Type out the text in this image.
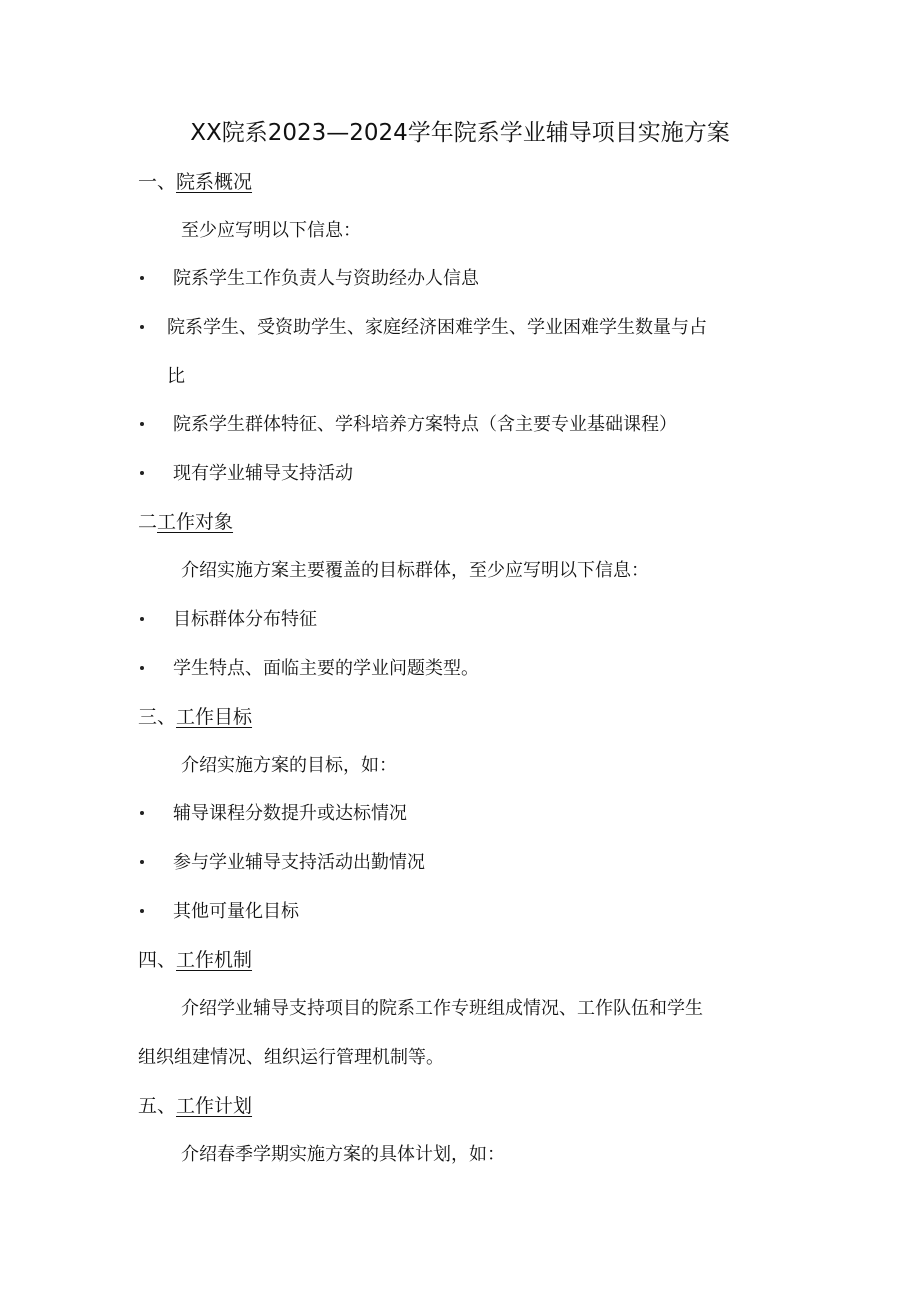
XX院系2023—2024学年院系学业辅导项目实施方案
一、院系概况
至少应写明以下信息：
院系学生工作负责人与资助经办人信息
院系学生、受资助学生、家庭经济困难学生、学业困难学生数量与占
比
院系学生群体特征、学科培养方案特点（含主要专业基础课程）
现有学业辅导支持活动
二工作对象
介绍实施方案主要覆盖的目标群体，至少应写明以下信息：
目标群体分布特征
学生特点、面临主要的学业问题类型。
三、工作目标
介绍实施方案的目标，如：
辅导课程分数提升或达标情况
参与学业辅导支持活动出勤情况
其他可量化目标
四、工作机制
介绍学业辅导支持项目的院系工作专班组成情况、工作队伍和学生
组织组建情况、组织运行管理机制等。
五、工作计划
介绍春季学期实施方案的具体计划，如：
